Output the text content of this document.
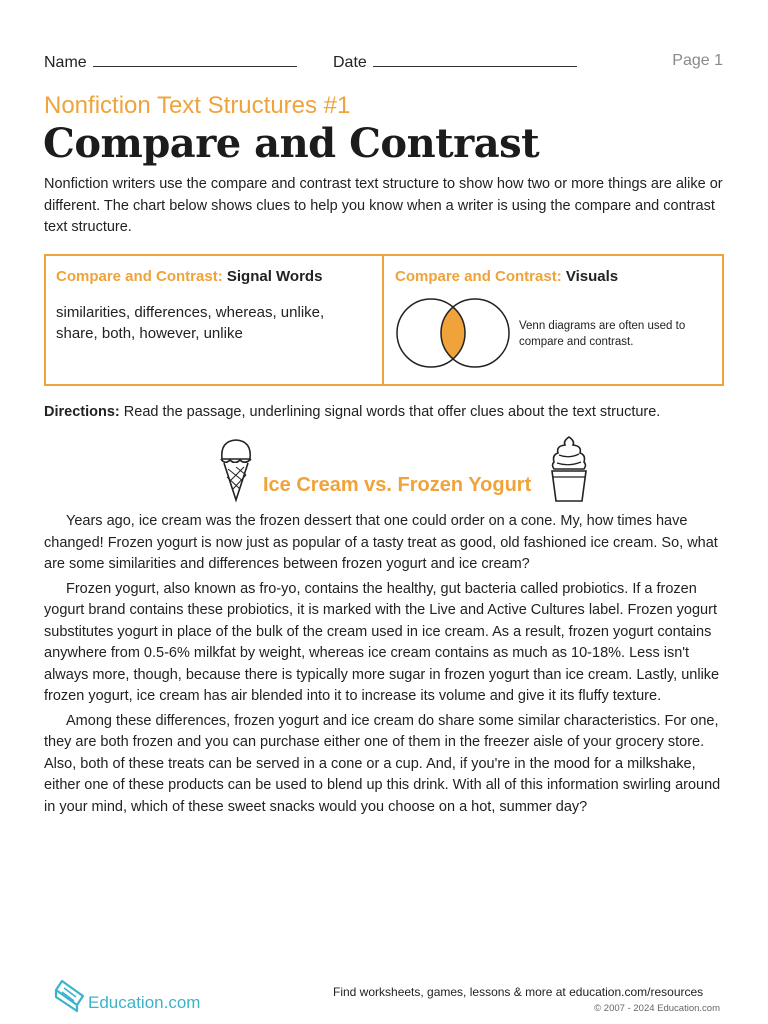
Name	Date	Page 1
Nonfiction Text Structures #1
Compare and Contrast
Nonfiction writers use the compare and contrast text structure to show how two or more things are alike or different. The chart below shows clues to help you know when a writer is using the compare and contrast text structure.
Compare and Contrast: Signal Words
similarities, differences, whereas, unlike, share, both, however, unlike
Compare and Contrast: Visuals
Venn diagrams are often used to compare and contrast.
Directions: Read the passage, underlining signal words that offer clues about the text structure.
Ice Cream vs. Frozen Yogurt

Years ago, ice cream was the frozen dessert that one could order on a cone. My, how times have changed! Frozen yogurt is now just as popular of a tasty treat as good, old fashioned ice cream. So, what are some similarities and differences between frozen yogurt and ice cream?

Frozen yogurt, also known as fro-yo, contains the healthy, gut bacteria called probiotics. If a frozen yogurt brand contains these probiotics, it is marked with the Live and Active Cultures label. Frozen yogurt substitutes yogurt in place of the bulk of the cream used in ice cream. As a result, frozen yogurt contains anywhere from 0.5-6% milkfat by weight, whereas ice cream contains as much as 10-18%. Less isn't always more, though, because there is typically more sugar in frozen yogurt than ice cream. Lastly, unlike frozen yogurt, ice cream has air blended into it to increase its volume and give it its fluffy texture.

Among these differences, frozen yogurt and ice cream do share some similar characteristics. For one, they are both frozen and you can purchase either one of them in the freezer aisle of your grocery store. Also, both of these treats can be served in a cone or a cup. And, if you're in the mood for a milkshake, either one of these products can be used to blend up this drink. With all of this information swirling around in your mind, which of these sweet snacks would you choose on a hot, summer day?

Education.com
Find worksheets, games, lessons & more at education.com/resources
© 2007 - 2024 Education.com
